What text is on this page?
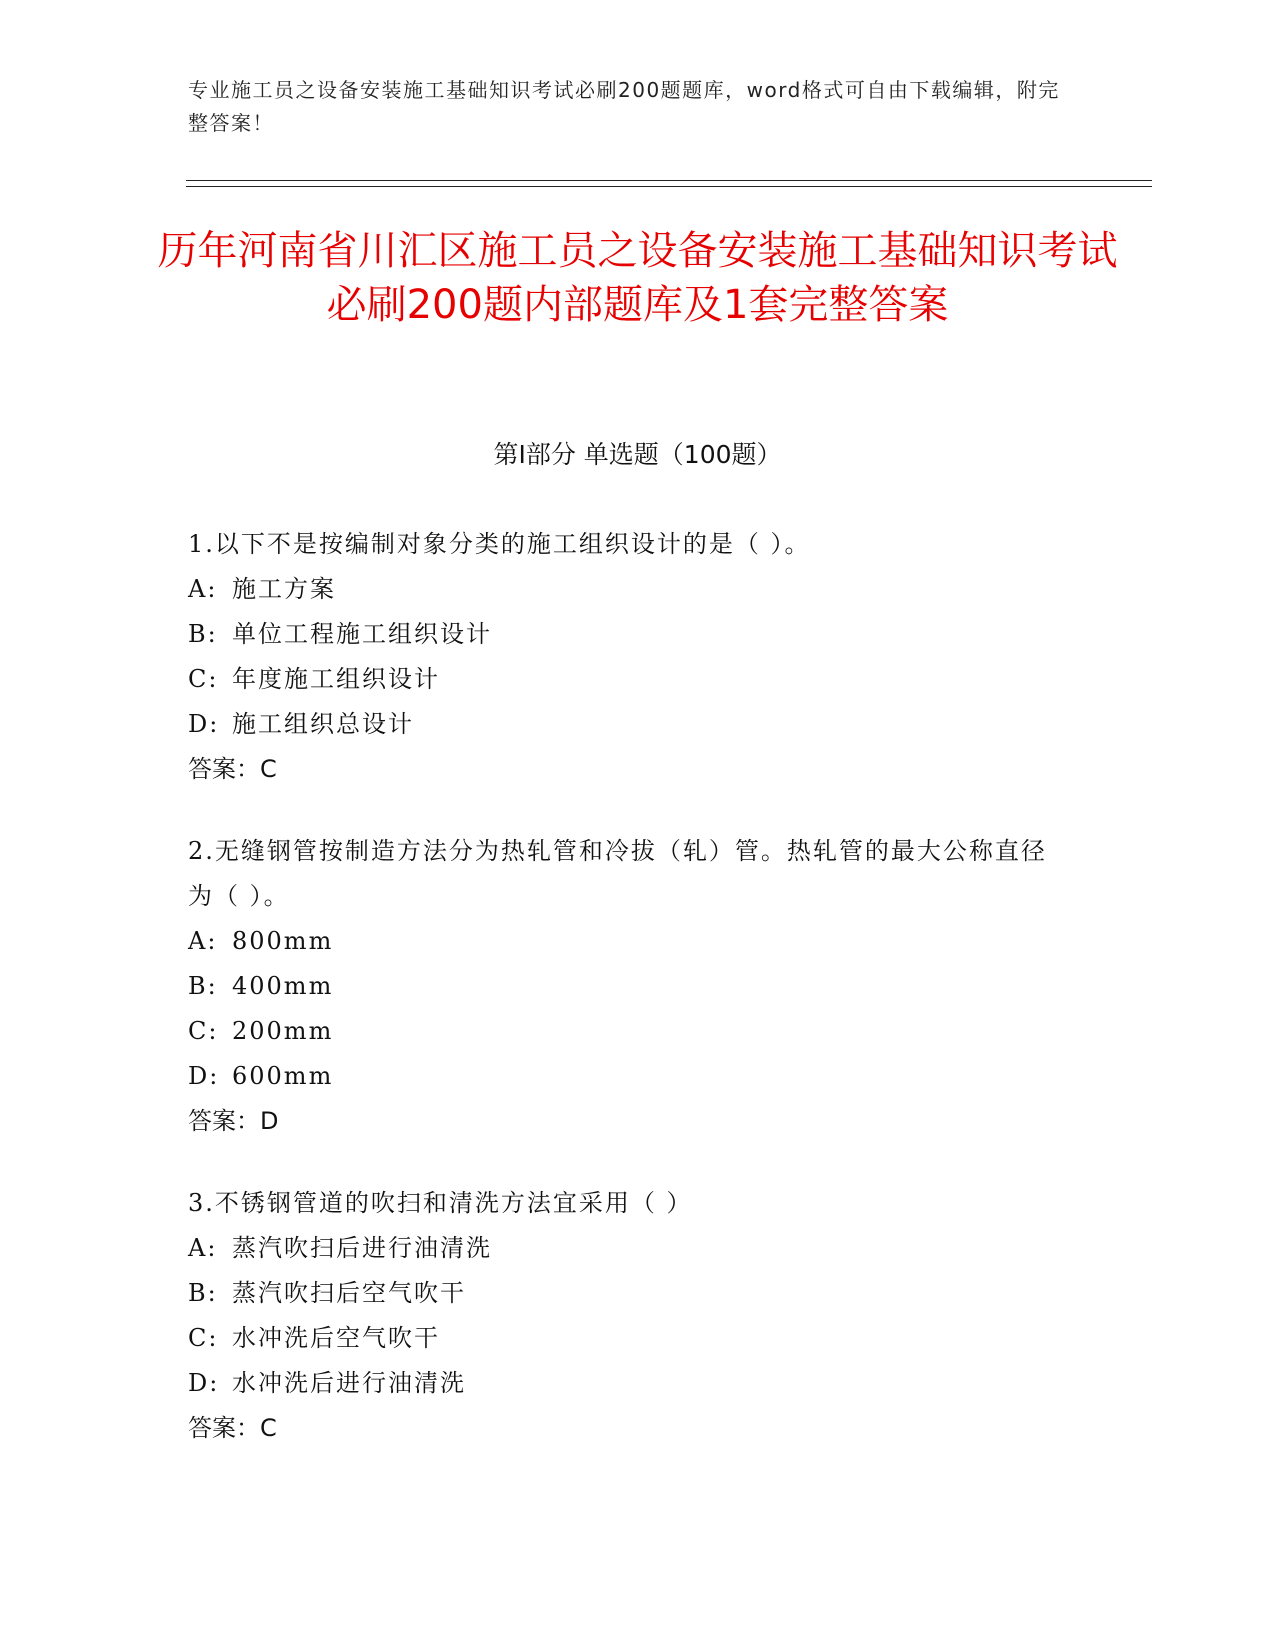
专业施工员之设备安装施工基础知识考试必刷200题题库，word格式可自由下载编辑，附完整答案！
历年河南省川汇区施工员之设备安装施工基础知识考试必刷200题内部题库及1套完整答案
第Ⅰ部分 单选题（100题）
1.以下不是按编制对象分类的施工组织设计的是（ ）。
A: 施工方案
B: 单位工程施工组织设计
C: 年度施工组织设计
D: 施工组织总设计
答案：C
2.无缝钢管按制造方法分为热轧管和冷拔（轧）管。热轧管的最大公称直径为（ ）。
A: 800mm
B: 400mm
C: 200mm
D: 600mm
答案：D
3.不锈钢管道的吹扫和清洗方法宜采用（ ）
A: 蒸汽吹扫后进行油清洗
B: 蒸汽吹扫后空气吹干
C: 水冲洗后空气吹干
D: 水冲洗后进行油清洗
答案：C
